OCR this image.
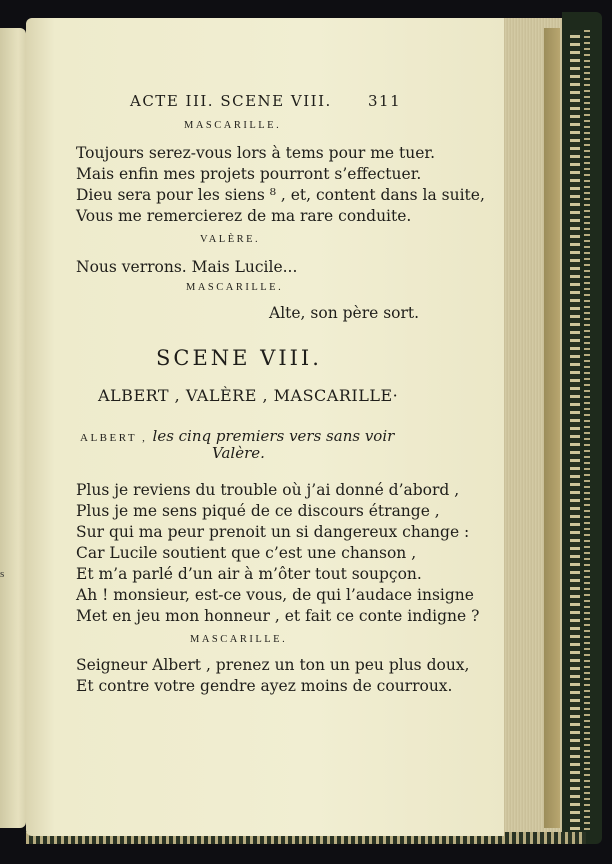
s
ACTE III. SCENE VIII. 311
MASCARILLE.
Toujours serez-vous lors à tems pour me tuer.
Mais enfin mes projets pourront s’effectuer.
Dieu sera pour les siens ⁸ , et, content dans la suite,
Vous me remercierez de ma rare conduite.
VALÈRE.
Nous verrons. Mais Lucile...
MASCARILLE.
Alte, son père sort.
SCENE VIII.
ALBERT , VALÈRE , MASCARILLE·
ALBERT , les cinq premiers vers sans voir
Valère.
Plus je reviens du trouble où j’ai donné d’abord ,
Plus je me sens piqué de ce discours étrange ,
Sur qui ma peur prenoit un si dangereux change :
Car Lucile soutient que c’est une chanson ,
Et m’a parlé d’un air à m’ôter tout soupçon.
Ah ! monsieur, est-ce vous, de qui l’audace insigne
Met en jeu mon honneur , et fait ce conte indigne ?
MASCARILLE.
Seigneur Albert , prenez un ton un peu plus doux,
Et contre votre gendre ayez moins de courroux.
